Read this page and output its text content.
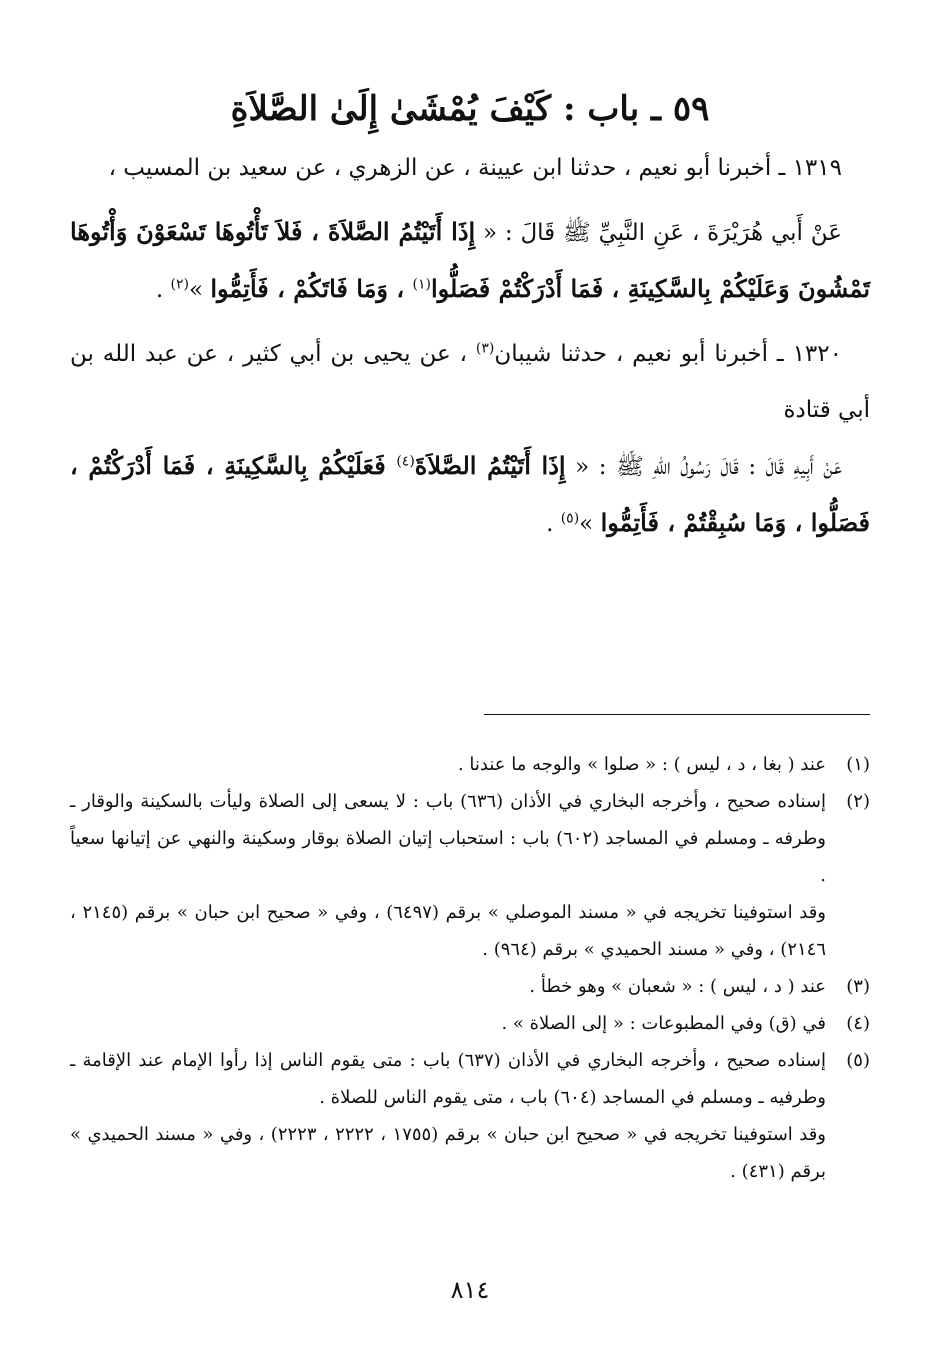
٥٩ ـ باب : كَيْفَ يُمْشَىٰ إِلَىٰ الصَّلاَةِ

١٣١٩ ـ أخبرنا أبو نعيم ، حدثنا ابن عيينة ، عن الزهري ، عن سعيد بن المسيب ،

عَنْ أَبي هُرَيْرَةَ ، عَنِ النَّبِيِّ ﷺ قَالَ : « إِذَا أَتَيْتُمُ الصَّلاَةَ ، فَلاَ تَأْتُوهَا تَسْعَوْنَ وَأْتُوهَا تَمْشُونَ وَعَلَيْكُمْ بِالسَّكِينَةِ ، فَمَا أَدْرَكْتُمْ فَصَلُّوا$^{(١)}$ ، وَمَا فَاتَكُمْ ، فَأَتِمُّوا »$^{(٢)}$ .

١٣٢٠ ـ أخبرنا أبو نعيم ، حدثنا شيبان$^{(٣)}$ ، عن يحيى بن أبي كثير ، عن عبد الله بن أبي قتادة

عَنْ أَبِيهِ قَالَ : قَالَ رَسُولُ اللهِ ﷺ : « إِذَا أَتَيْتُمُ الصَّلاَةَ$^{(٤)}$ فَعَلَيْكُمْ بِالسَّكِينَةِ ، فَمَا أَدْرَكْتُمْ ، فَصَلُّوا ، وَمَا سُبِقْتُمْ ، فَأَتِمُّوا »$^{(٥)}$ .

(١)
عند ( بغا ، د ، ليس ) : « صلوا » والوجه ما عندنا .
(٢)
إسناده صحيح ، وأخرجه البخاري في الأذان (٦٣٦) باب : لا يسعى إلى الصلاة وليأت بالسكينة والوقار ـ وطرفه ـ ومسلم في المساجد (٦٠٢) باب : استحباب إتيان الصلاة بوقار وسكينة والنهي عن إتيانها سعياً .
وقد استوفينا تخريجه في « مسند الموصلي » برقم (٦٤٩٧) ، وفي « صحيح ابن حبان » برقم (٢١٤٥ ، ٢١٤٦) ، وفي « مسند الحميدي » برقم (٩٦٤) .
(٣)
عند ( د ، ليس ) : « شعبان » وهو خطأ .
(٤)
في (ق) وفي المطبوعات : « إلى الصلاة » .
(٥)
إسناده صحيح ، وأخرجه البخاري في الأذان (٦٣٧) باب : متى يقوم الناس إذا رأوا الإمام عند الإقامة ـ وطرفيه ـ ومسلم في المساجد (٦٠٤) باب ، متى يقوم الناس للصلاة .
وقد استوفينا تخريجه في « صحيح ابن حبان » برقم (١٧٥٥ ، ٢٢٢٢ ، ٢٢٢٣) ، وفي « مسند الحميدي » برقم (٤٣١) .
٨١٤
